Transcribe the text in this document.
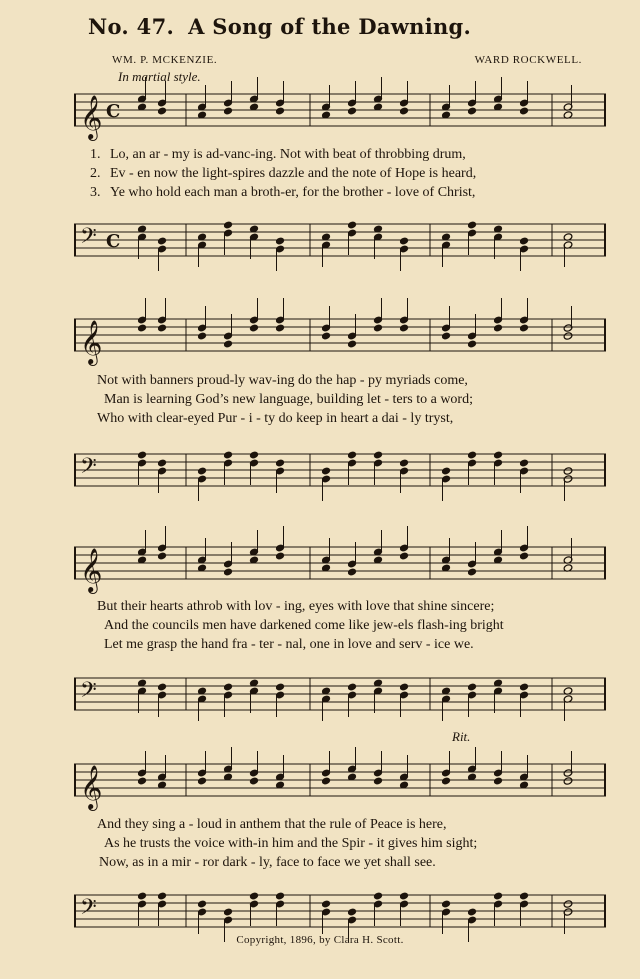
No. 47. A Song of the Dawning.
WM. P. MCKENZIE.	WARD ROCKWELL.
In martial style.
Rit.
𝄞 C
1. Lo, an ar - my is ad-vanc-ing. Not with beat of throbbing drum,
2. Ev - en now the light-spires dazzle and the note of Hope is heard,
3. Ye who hold each man a broth-er, for the brother - love of Christ,
𝄢 C
𝄞
Not with banners proud-ly wav-ing do the hap - py myriads come,
Man is learning God’s new language, building let - ters to a word;
Who with clear-eyed Pur - i - ty do keep in heart a dai - ly tryst,
𝄢
𝄞
But their hearts athrob with lov - ing, eyes with love that shine sincere;
And the councils men have darkened come like jew-els flash-ing bright
Let me grasp the hand fra - ter - nal, one in love and serv - ice we.
𝄢
𝄞
And they sing a - loud in anthem that the rule of Peace is here,
As he trusts the voice with-in him and the Spir - it gives him sight;
Now, as in a mir - ror dark - ly, face to face we yet shall see.
𝄢
Copyright, 1896, by Clara H. Scott.
